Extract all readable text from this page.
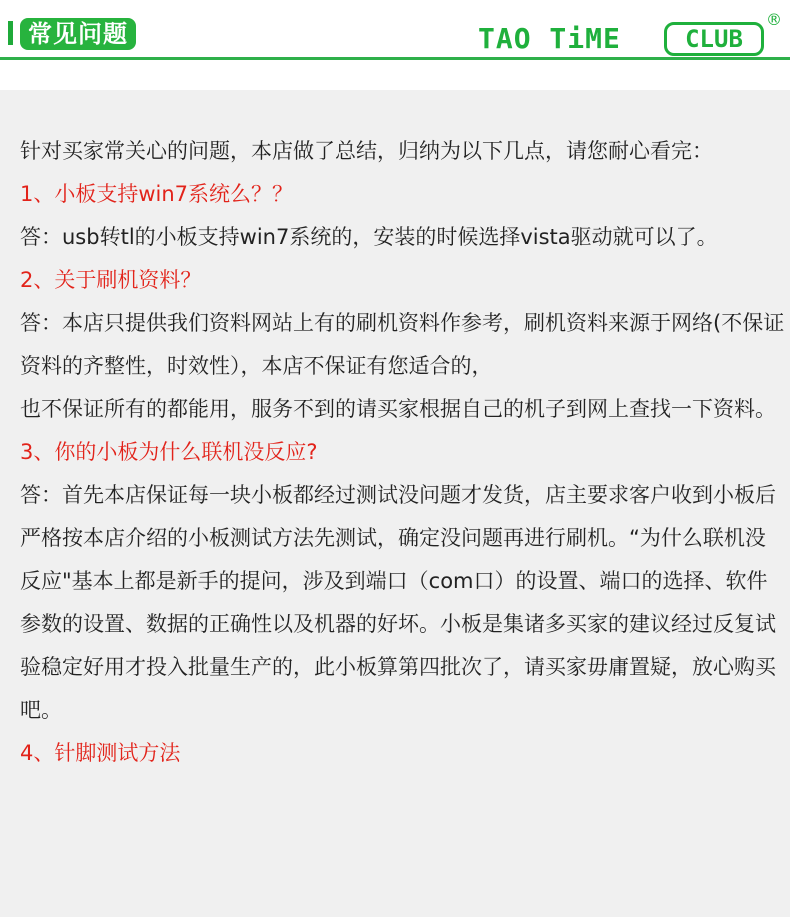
常见问题	TAO TiME	CLUB
®

针对买家常关心的问题，本店做了总结，归纳为以下几点，请您耐心看完：

1、小板支持win7系统么？？

答：usb转tl的小板支持win7系统的，安装的时候选择vista驱动就可以了。

2、关于刷机资料？

答：本店只提供我们资料网站上有的刷机资料作参考，刷机资料来源于网络(不保证资料的齐整性，时效性），本店不保证有您适合的，

也不保证所有的都能用，服务不到的请买家根据自己的机子到网上查找一下资料。

3、你的小板为什么联机没反应?

答：首先本店保证每一块小板都经过测试没问题才发货，店主要求客户收到小板后严格按本店介绍的小板测试方法先测试，确定没问题再进行刷机。“为什么联机没反应"基本上都是新手的提问，涉及到端口（com口）的设置、端口的选择、软件参数的设置、数据的正确性以及机器的好坏。小板是集诸多买家的建议经过反复试验稳定好用才投入批量生产的，此小板算第四批次了，请买家毋庸置疑，放心购买吧。

4、针脚测试方法
